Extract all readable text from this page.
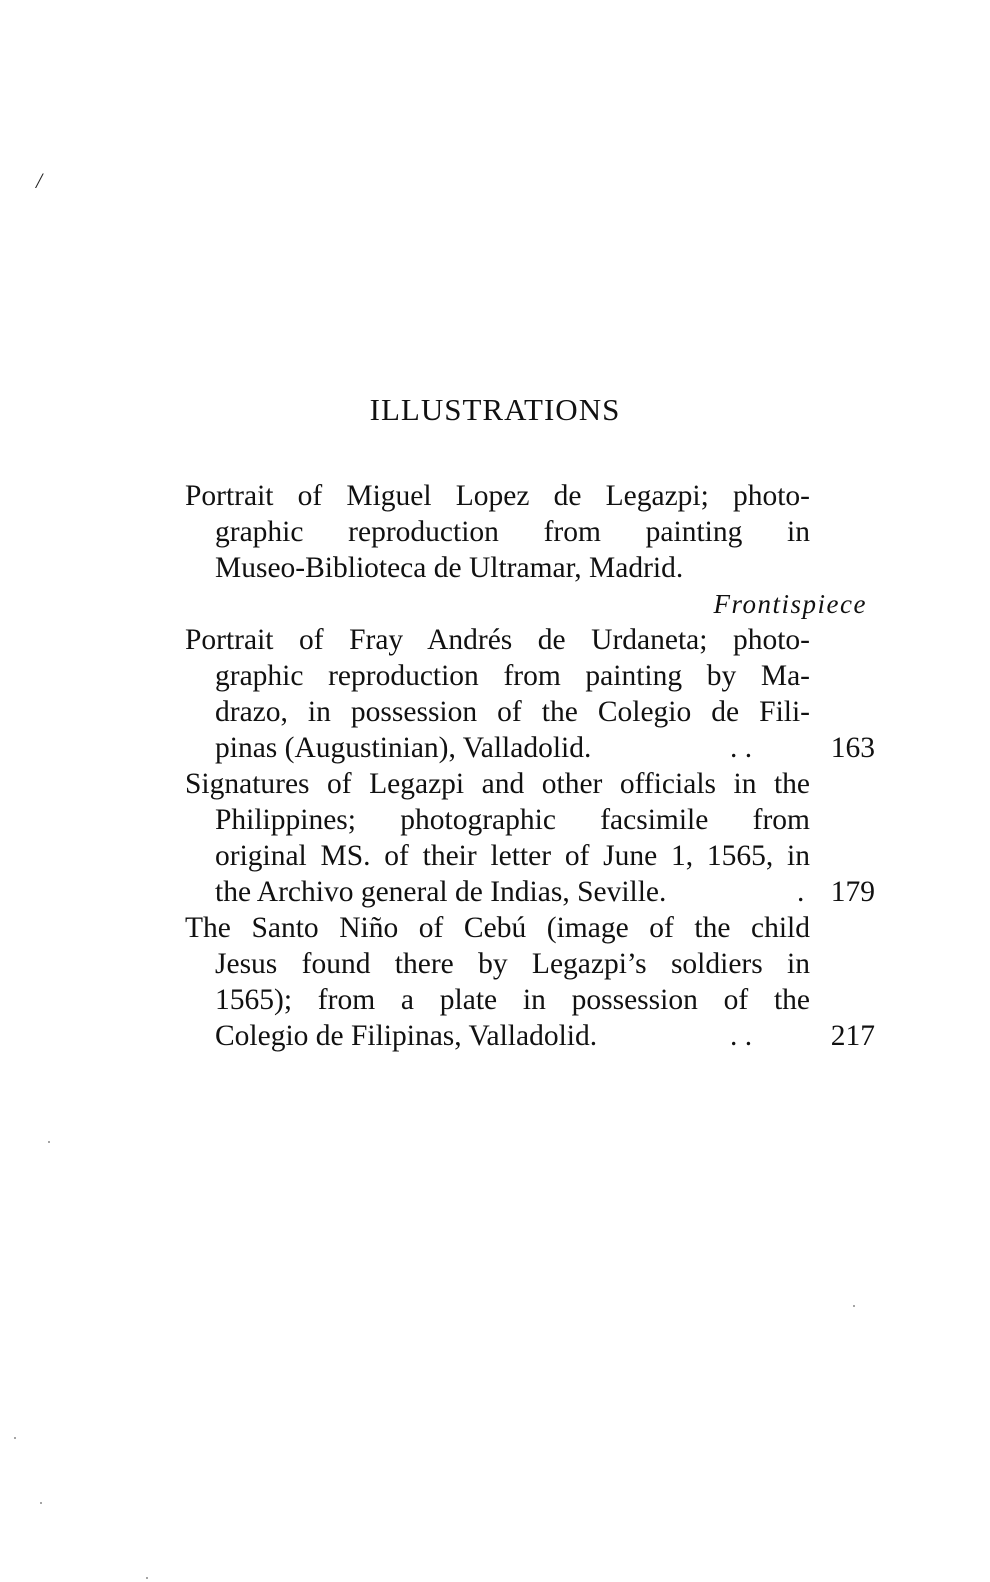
/
ILLUSTRATIONS
Portrait of Miguel Lopez de Legazpi; photo-
graphic reproduction from painting in
Museo-Biblioteca de Ultramar, Madrid.
Frontispiece
Portrait of Fray Andrés de Urdaneta; photo-
graphic reproduction from painting by Ma-
drazo, in possession of the Colegio de Fili-
pinas (Augustinian), Valladolid.	. .	163
Signatures of Legazpi and other officials in the
Philippines; photographic facsimile from
original MS. of their letter of June 1, 1565, in
the Archivo general de Indias, Seville.	. 179
The Santo Niño of Cebú (image of the child
Jesus found there by Legazpi’s soldiers in
1565); from a plate in possession of the
Colegio de Filipinas, Valladolid.	. .	217
